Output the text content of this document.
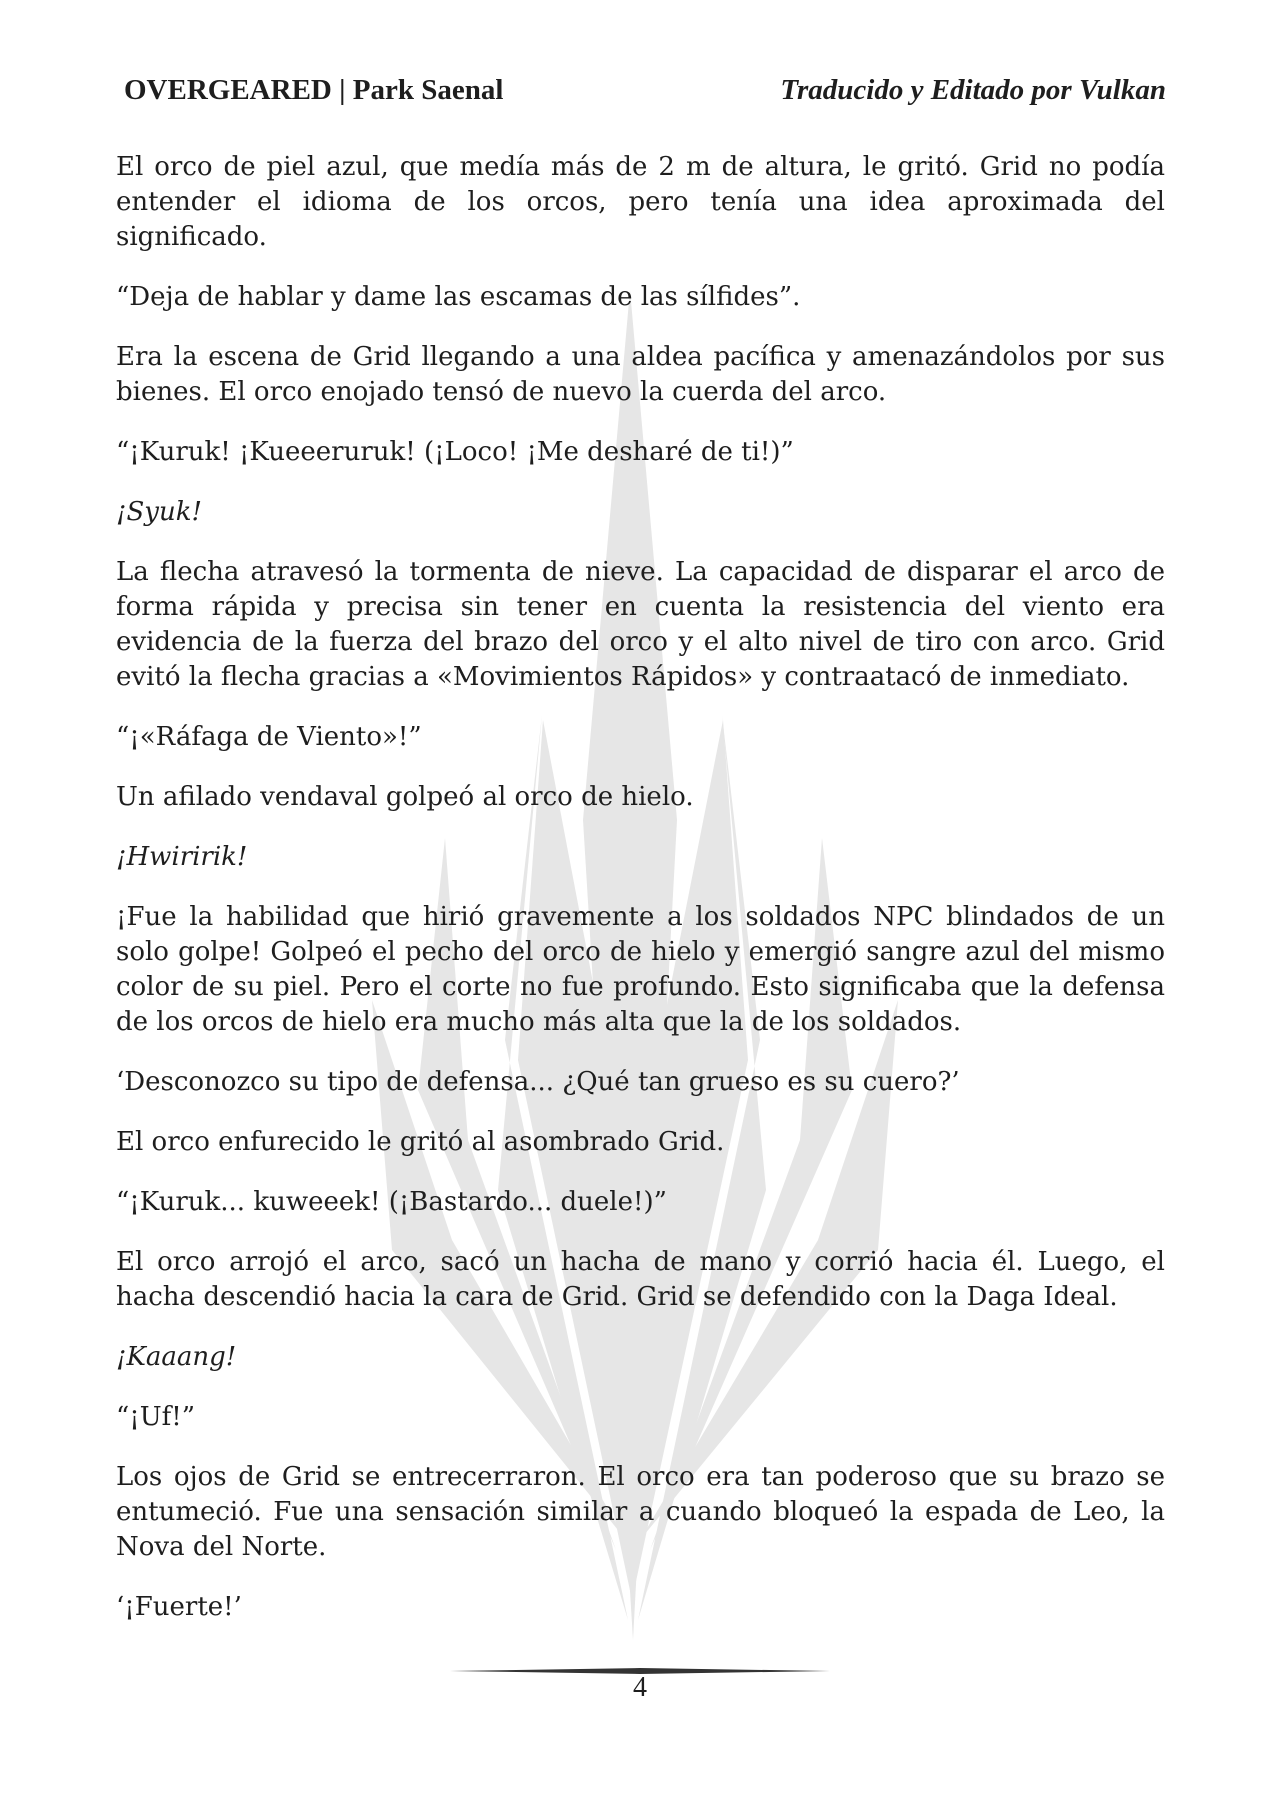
OVERGEARED | Park Saenal	Traducido y Editado por Vulkan

El orco de piel azul, que medía más de 2 m de altura, le gritó. Grid no podía entender el idioma de los orcos, pero tenía una idea aproximada del significado.

“Deja de hablar y dame las escamas de las sílfides”.

Era la escena de Grid llegando a una aldea pacífica y amenazándolos por sus bienes. El orco enojado tensó de nuevo la cuerda del arco.

“¡Kuruk! ¡Kueeeruruk! (¡Loco! ¡Me desharé de ti!)”

¡Syuk!

La flecha atravesó la tormenta de nieve. La capacidad de disparar el arco de forma rápida y precisa sin tener en cuenta la resistencia del viento era evidencia de la fuerza del brazo del orco y el alto nivel de tiro con arco. Grid evitó la flecha gracias a «Movimientos Rápidos» y contraatacó de inmediato.

“¡«Ráfaga de Viento»!”

Un afilado vendaval golpeó al orco de hielo.

¡Hwiririk!

¡Fue la habilidad que hirió gravemente a los soldados NPC blindados de un solo golpe! Golpeó el pecho del orco de hielo y emergió sangre azul del mismo color de su piel. Pero el corte no fue profundo. Esto significaba que la defensa de los orcos de hielo era mucho más alta que la de los soldados.

‘Desconozco su tipo de defensa... ¿Qué tan grueso es su cuero?’

El orco enfurecido le gritó al asombrado Grid.

“¡Kuruk... kuweeek! (¡Bastardo... duele!)”

El orco arrojó el arco, sacó un hacha de mano y corrió hacia él. Luego, el hacha descendió hacia la cara de Grid. Grid se defendido con la Daga Ideal.

¡Kaaang!

“¡Uf!”

Los ojos de Grid se entrecerraron. El orco era tan poderoso que su brazo se entumeció. Fue una sensación similar a cuando bloqueó la espada de Leo, la Nova del Norte.

‘¡Fuerte!’

4
